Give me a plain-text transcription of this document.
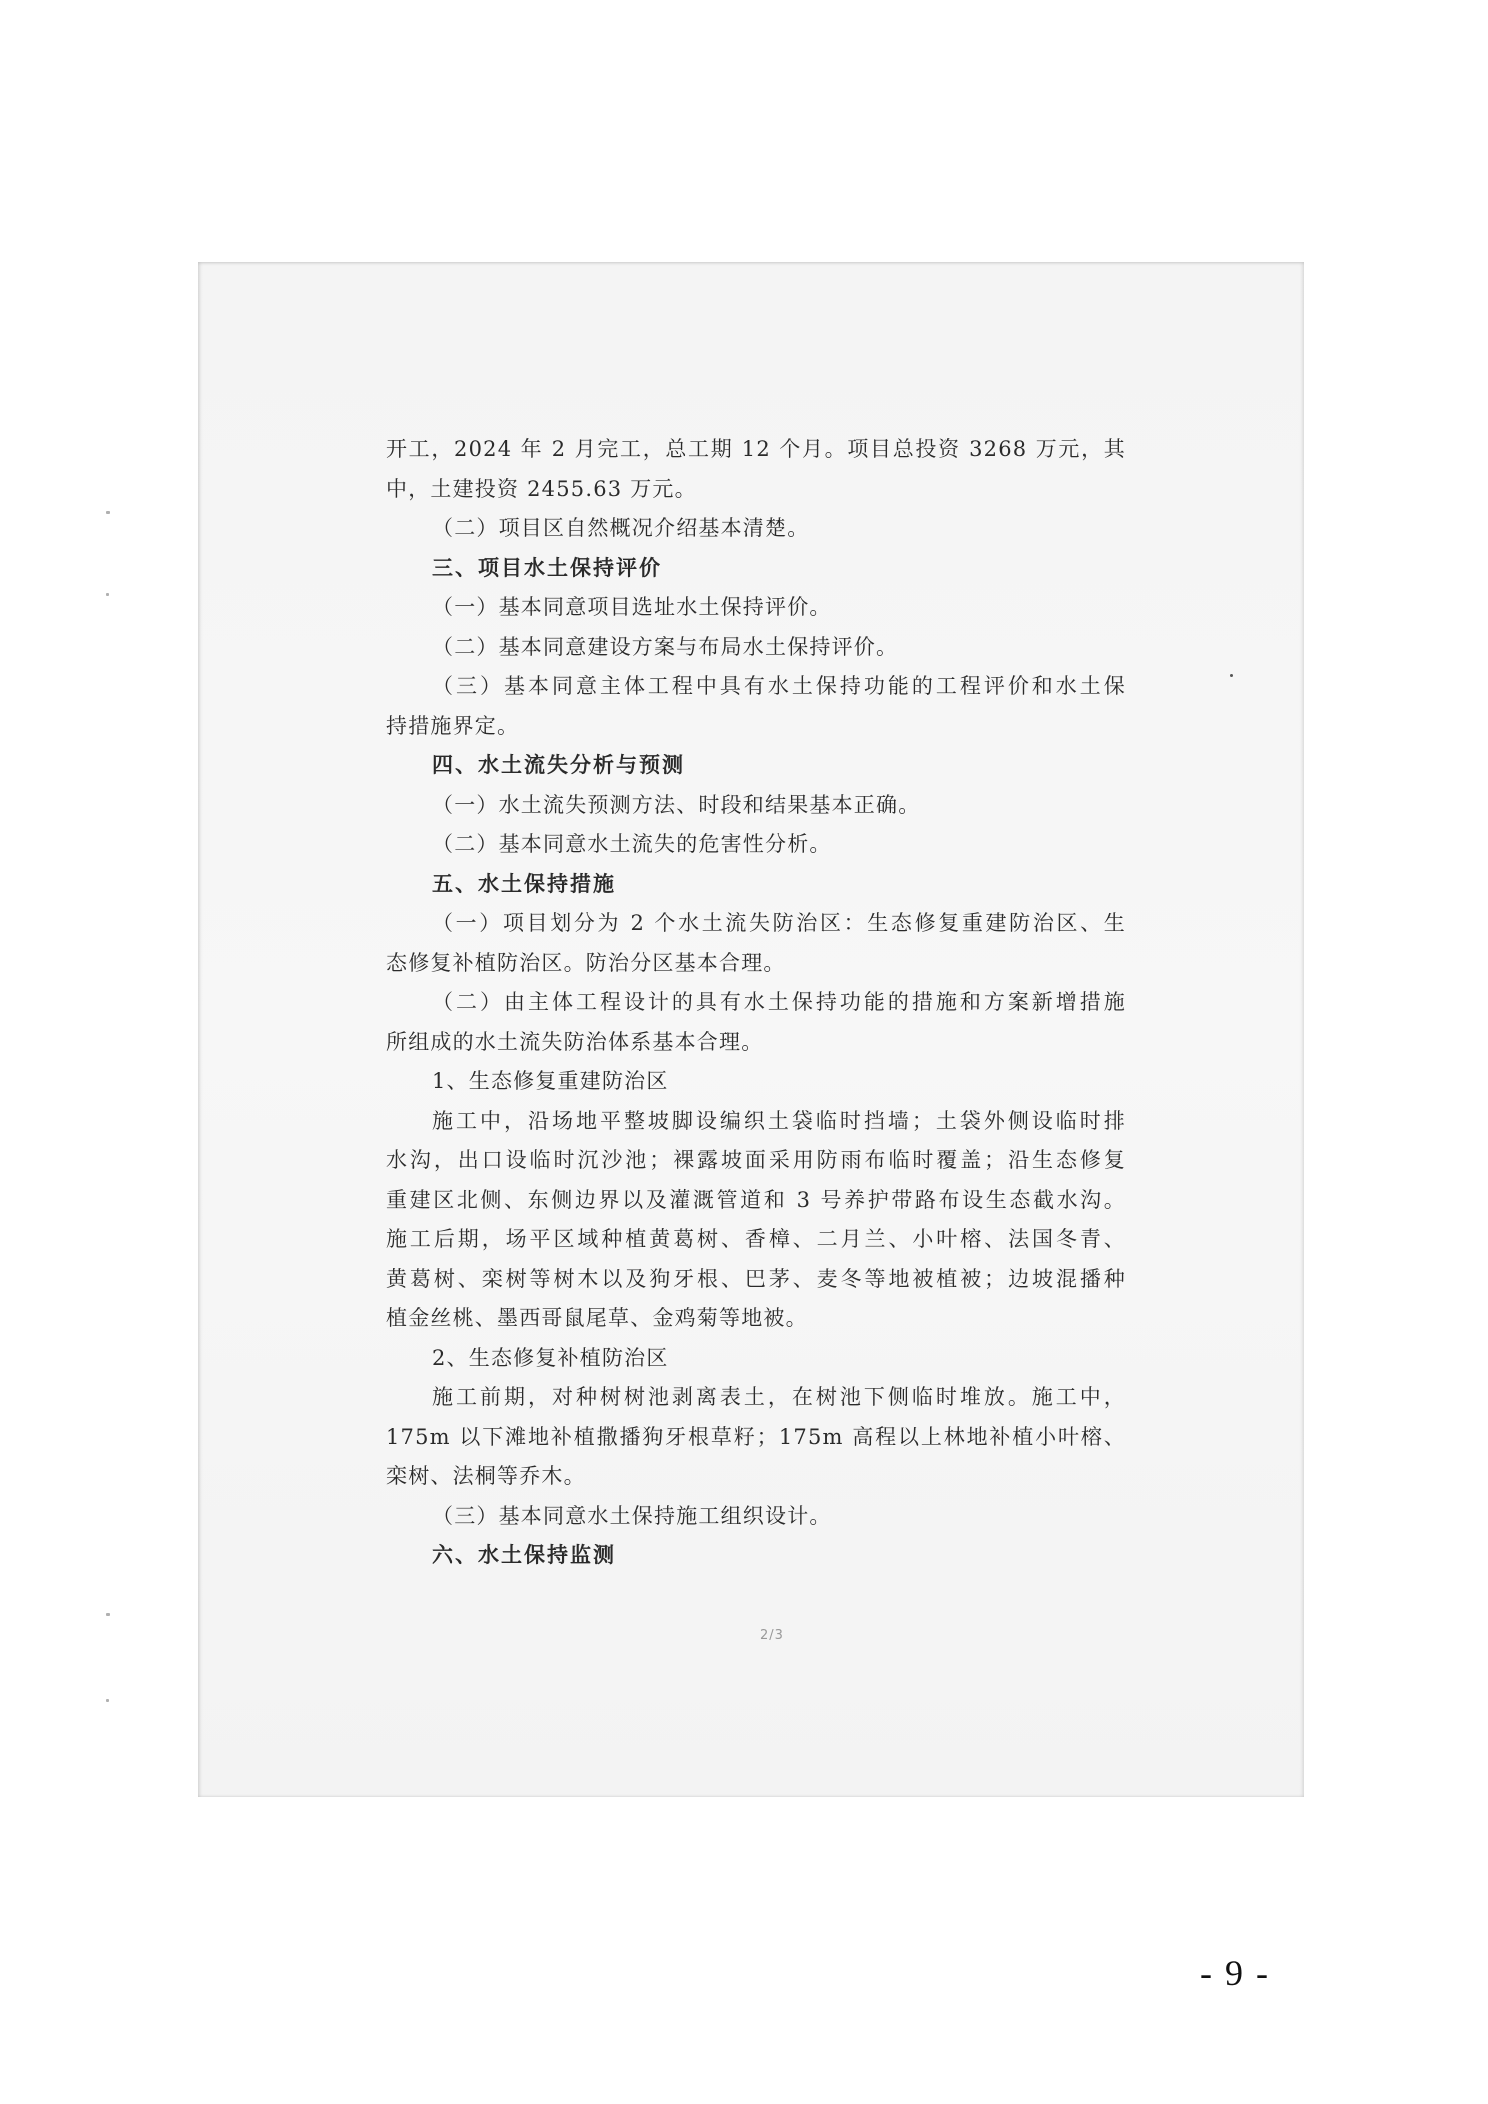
开工，2024 年 2 月完工，总工期 12 个月。项目总投资 3268 万元，其
中，土建投资 2455.63 万元。
（二）项目区自然概况介绍基本清楚。
三、项目水土保持评价
（一）基本同意项目选址水土保持评价。
（二）基本同意建设方案与布局水土保持评价。
（三）基本同意主体工程中具有水土保持功能的工程评价和水土保
持措施界定。
四、水土流失分析与预测
（一）水土流失预测方法、时段和结果基本正确。
（二）基本同意水土流失的危害性分析。
五、水土保持措施
（一）项目划分为 2 个水土流失防治区：生态修复重建防治区、生
态修复补植防治区。防治分区基本合理。
（二）由主体工程设计的具有水土保持功能的措施和方案新增措施
所组成的水土流失防治体系基本合理。
1、生态修复重建防治区
施工中，沿场地平整坡脚设编织土袋临时挡墙；土袋外侧设临时排
水沟，出口设临时沉沙池；裸露坡面采用防雨布临时覆盖；沿生态修复
重建区北侧、东侧边界以及灌溉管道和 3 号养护带路布设生态截水沟。
施工后期，场平区域种植黄葛树、香樟、二月兰、小叶榕、法国冬青、
黄葛树、栾树等树木以及狗牙根、巴茅、麦冬等地被植被；边坡混播种
植金丝桃、墨西哥鼠尾草、金鸡菊等地被。
2、生态修复补植防治区
施工前期，对种树树池剥离表土，在树池下侧临时堆放。施工中，
175m 以下滩地补植撒播狗牙根草籽；175m 高程以上林地补植小叶榕、
栾树、法桐等乔木。
（三）基本同意水土保持施工组织设计。
六、水土保持监测
2/3
- 9 -
